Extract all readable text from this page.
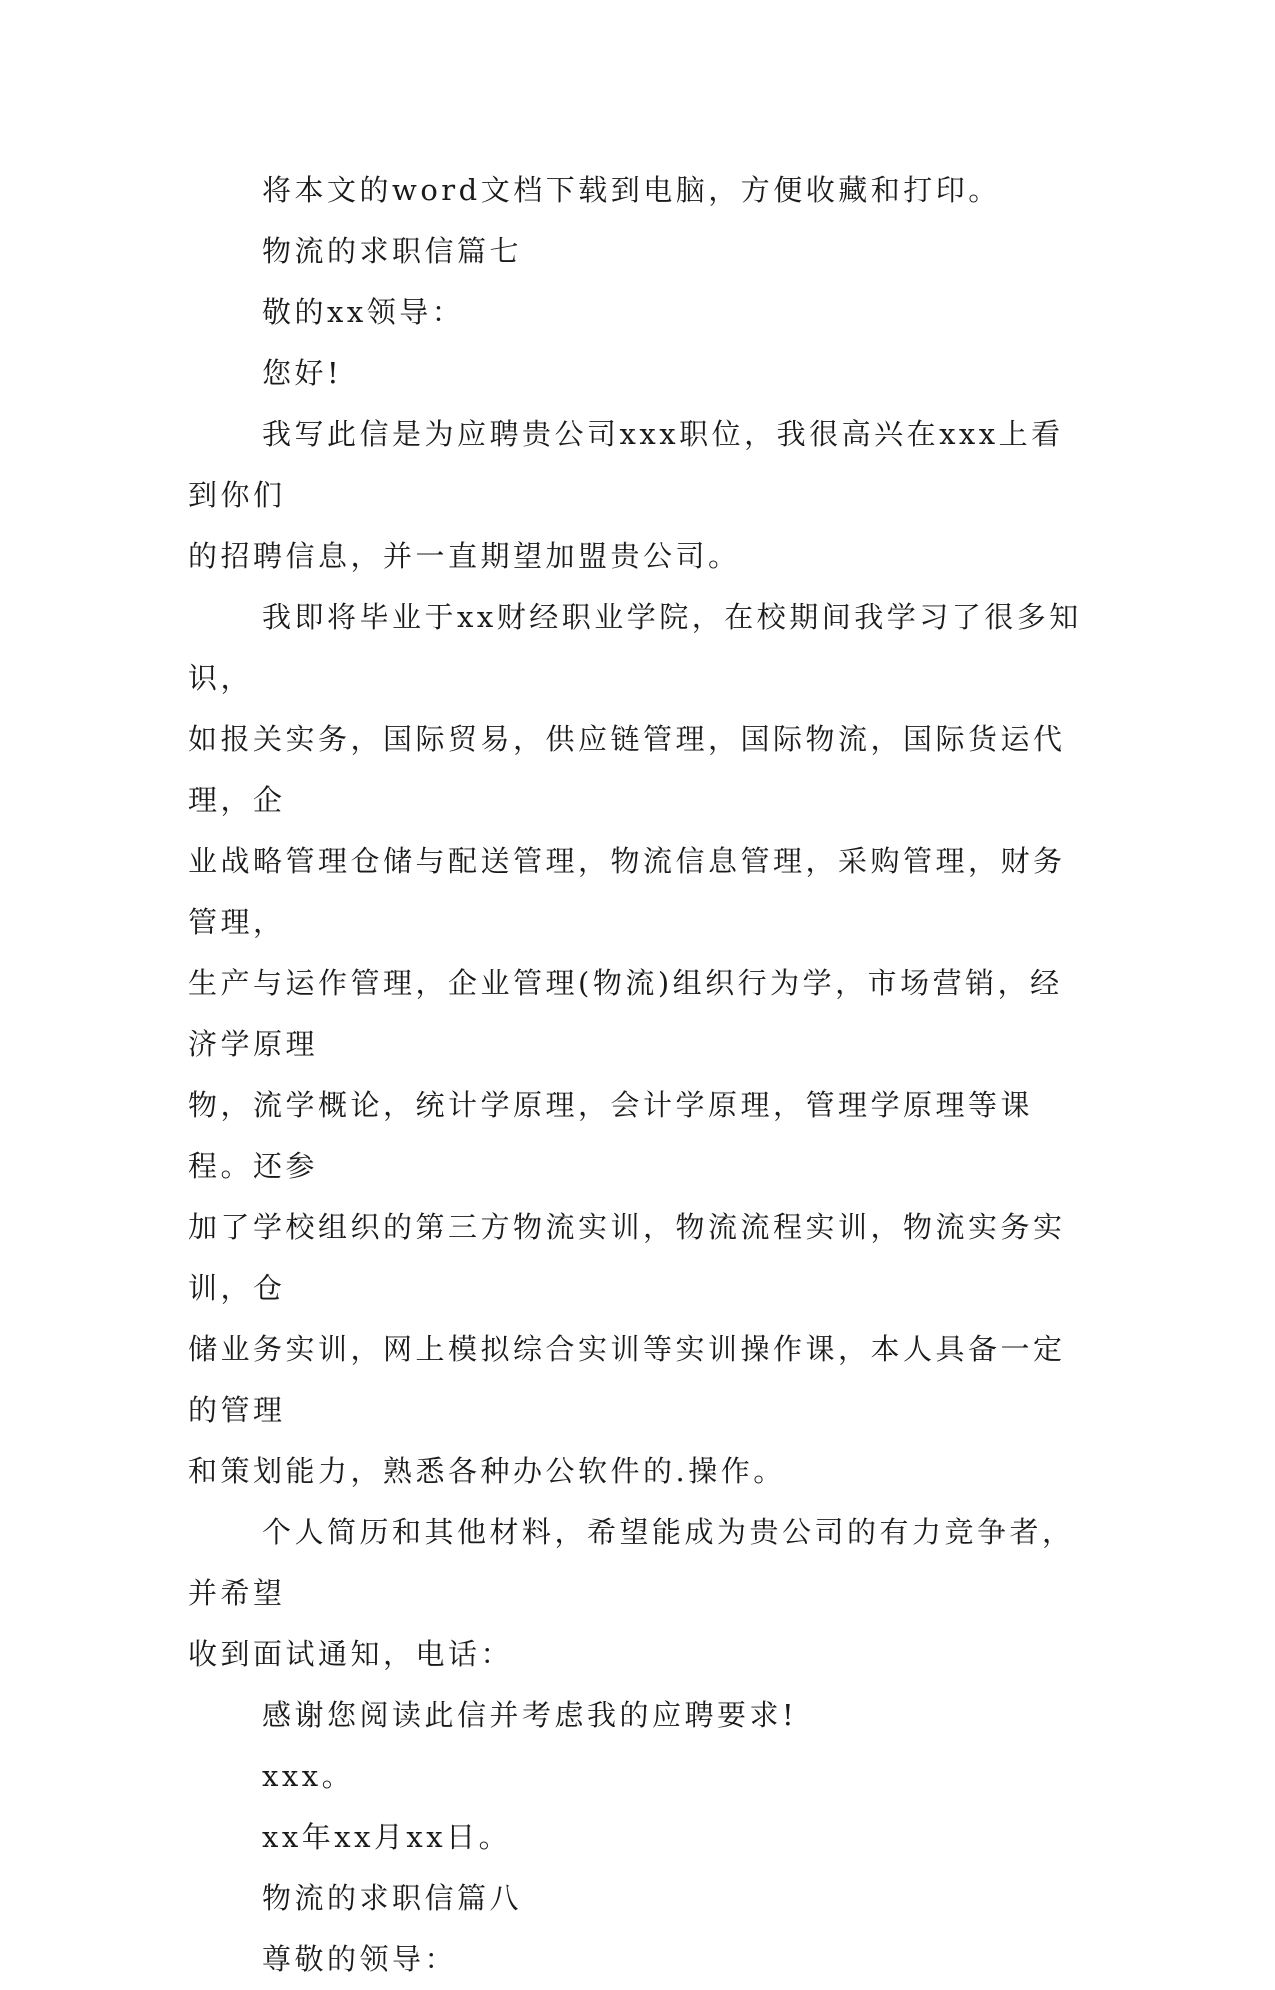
将本文的word文档下载到电脑，方便收藏和打印。

物流的求职信篇七

敬的xx领导：

您好!

我写此信是为应聘贵公司xxx职位，我很高兴在xxx上看到你们
的招聘信息，并一直期望加盟贵公司。

我即将毕业于xx财经职业学院，在校期间我学习了很多知识，
如报关实务，国际贸易，供应链管理，国际物流，国际货运代理，企
业战略管理仓储与配送管理，物流信息管理，采购管理，财务管理，
生产与运作管理，企业管理(物流)组织行为学，市场营销，经济学原理
物，流学概论，统计学原理，会计学原理，管理学原理等课程。还参
加了学校组织的第三方物流实训，物流流程实训，物流实务实训，仓
储业务实训，网上模拟综合实训等实训操作课，本人具备一定的管理
和策划能力，熟悉各种办公软件的.操作。

个人简历和其他材料，希望能成为贵公司的有力竞争者，并希望
收到面试通知，电话：

感谢您阅读此信并考虑我的应聘要求!

xxx。

xx年xx月xx日。

物流的求职信篇八

尊敬的领导：
